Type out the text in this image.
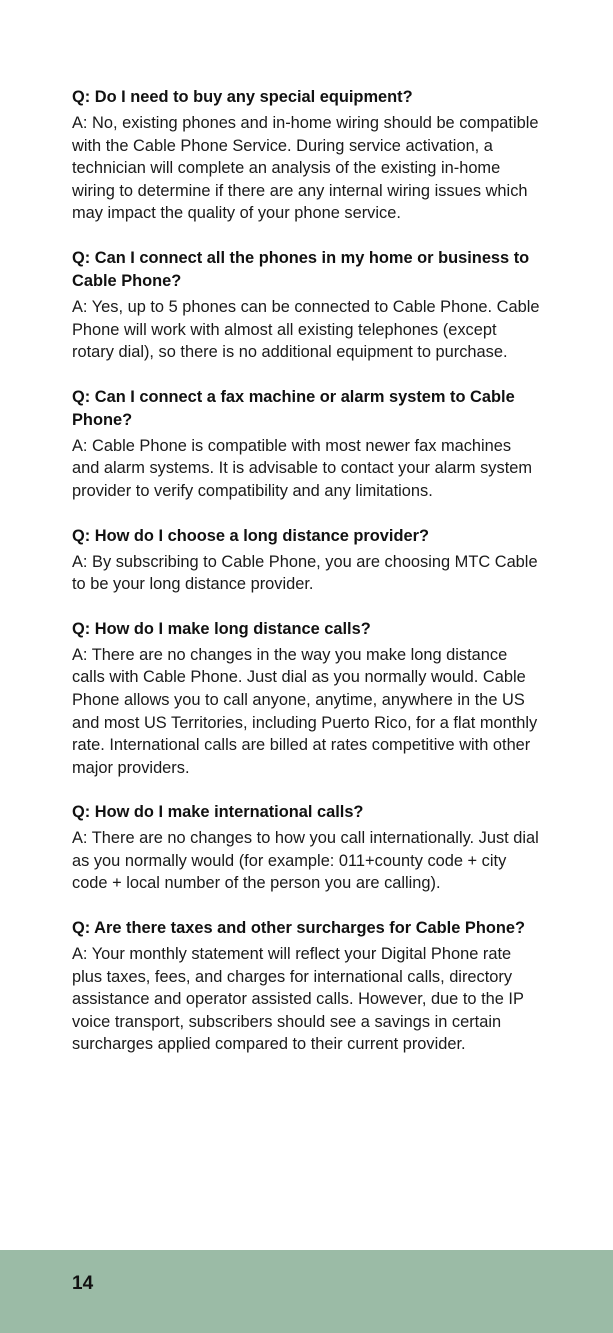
Q: Do I need to buy any special equipment?

A: No, existing phones and in-home wiring should be compatible with the Cable Phone Service. During service activation, a technician will complete an analysis of the existing in-home wiring to determine if there are any internal wiring issues which may impact the quality of your phone service.

Q: Can I connect all the phones in my home or business to Cable Phone?

A: Yes, up to 5 phones can be connected to Cable Phone. Cable Phone will work with almost all existing telephones (except rotary dial), so there is no additional equipment to purchase.

Q: Can I connect a fax machine or alarm system to Cable Phone?

A: Cable Phone is compatible with most newer fax machines and alarm systems. It is advisable to contact your alarm system provider to verify compatibility and any limitations.

Q: How do I choose a long distance provider?

A: By subscribing to Cable Phone, you are choosing MTC Cable to be your long distance provider.

Q: How do I make long distance calls?

A: There are no changes in the way you make long distance calls with Cable Phone. Just dial as you normally would. Cable Phone allows you to call anyone, anytime, anywhere in the US and most US Territories, including Puerto Rico, for a flat monthly rate. International calls are billed at rates competitive with other major providers.

Q: How do I make international calls?

A: There are no changes to how you call internationally. Just dial as you normally would (for example: 011+county code + city code + local number of the person you are calling).

Q: Are there taxes and other surcharges for Cable Phone?

A: Your monthly statement will reflect your Digital Phone rate plus taxes, fees, and charges for international calls, directory assistance and operator assisted calls. However, due to the IP voice transport, subscribers should see a savings in certain surcharges applied compared to their current provider.

14
